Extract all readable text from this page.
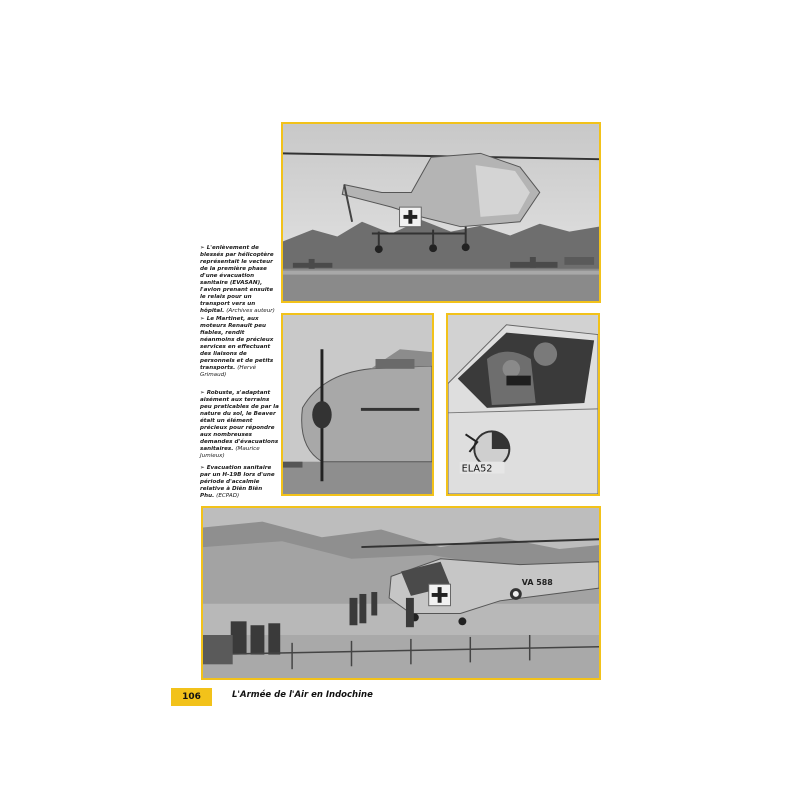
➢ L'enlèvement de blessés par hélicoptère représentait le vecteur de la première phase d'une évacuation sanitaire (EVASAN), l'avion prenant ensuite le relais pour un transport vers un hôpital. (Archives auteur)
➢ Le Martinet, aux moteurs Renault peu fiables, rendit néanmoins de précieux services en effectuant des liaisons de personnels et de petits transports. (Hervé Grimaud)
➢ Robuste, s'adaptant aisément aux terrains peu praticables de par la nature du sol, le Beaver était un élément précieux pour répondre aux nombreuses demandes d'évacuations sanitaires. (Maurice Jumieux)
➢ Evacuation sanitaire par un H-19B lors d'une période d'accalmie relative à Diên Biên Phu. (ECPAD)
ELA52
VA 588
106	L'Armée de l'Air en Indochine
